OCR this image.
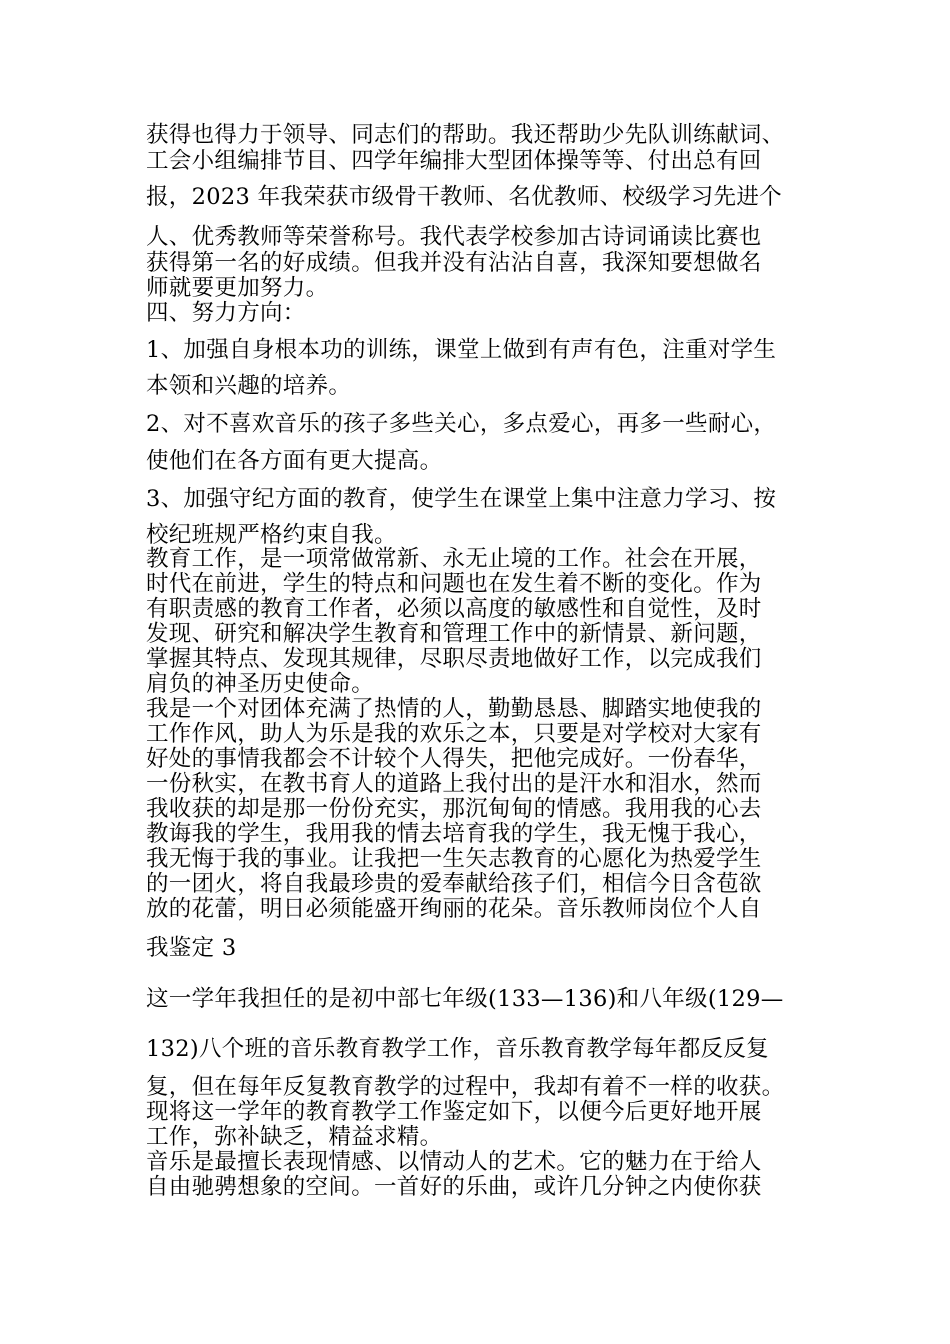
获得也得力于领导、同志们的帮助。我还帮助少先队训练献词、
工会小组编排节目、四学年编排大型团体操等等、付出总有回
报，2023 年我荣获市级骨干教师、名优教师、校级学习先进个
人、优秀教师等荣誉称号。我代表学校参加古诗词诵读比赛也
获得第一名的好成绩。但我并没有沾沾自喜，我深知要想做名
师就要更加努力。
四、努力方向：
1、加强自身根本功的训练，课堂上做到有声有色，注重对学生
本领和兴趣的培养。
2、对不喜欢音乐的孩子多些关心，多点爱心，再多一些耐心，
使他们在各方面有更大提高。
3、加强守纪方面的教育，使学生在课堂上集中注意力学习、按
校纪班规严格约束自我。
教育工作，是一项常做常新、永无止境的工作。社会在开展，
时代在前进，学生的特点和问题也在发生着不断的变化。作为
有职责感的教育工作者，必须以高度的敏感性和自觉性，及时
发现、研究和解决学生教育和管理工作中的新情景、新问题，
掌握其特点、发现其规律，尽职尽责地做好工作，以完成我们
肩负的神圣历史使命。
我是一个对团体充满了热情的人，勤勤恳恳、脚踏实地使我的
工作作风，助人为乐是我的欢乐之本，只要是对学校对大家有
好处的事情我都会不计较个人得失，把他完成好。一份春华，
一份秋实，在教书育人的道路上我付出的是汗水和泪水，然而
我收获的却是那一份份充实，那沉甸甸的情感。我用我的心去
教诲我的学生，我用我的情去培育我的学生，我无愧于我心，
我无悔于我的事业。让我把一生矢志教育的心愿化为热爱学生
的一团火，将自我最珍贵的爱奉献给孩子们，相信今日含苞欲
放的花蕾，明日必须能盛开绚丽的花朵。音乐教师岗位个人自
我鉴定 3
这一学年我担任的是初中部七年级(133—136)和八年级(129—
132)八个班的音乐教育教学工作，音乐教育教学每年都反反复
复，但在每年反复教育教学的过程中，我却有着不一样的收获。
现将这一学年的教育教学工作鉴定如下，以便今后更好地开展
工作，弥补缺乏，精益求精。
音乐是最擅长表现情感、以情动人的艺术。它的魅力在于给人
自由驰骋想象的空间。一首好的乐曲，或许几分钟之内使你获
